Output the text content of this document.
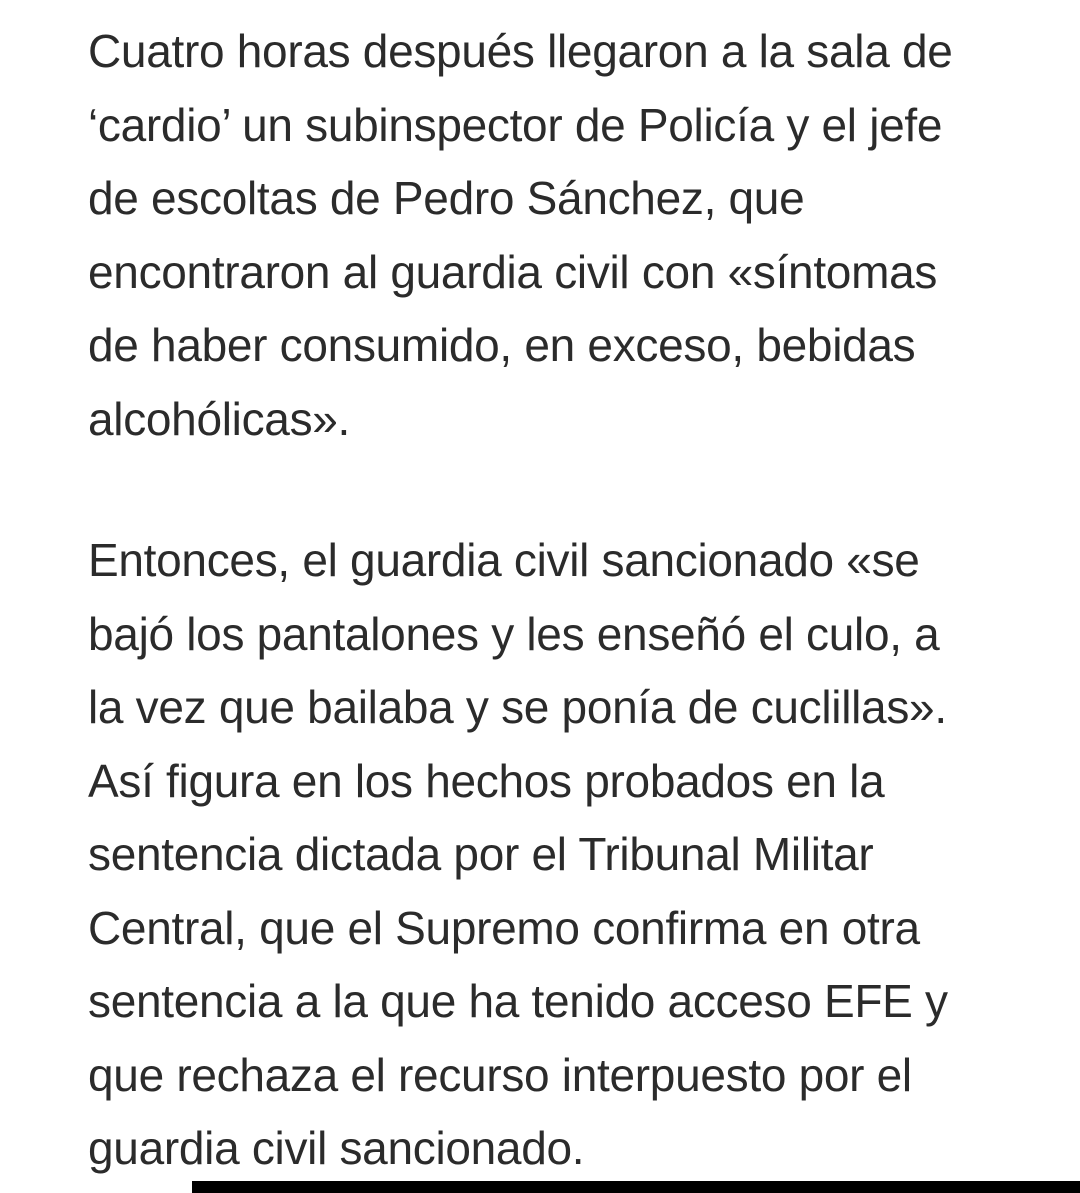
Cuatro horas después llegaron a la sala de
‘cardio’ un subinspector de Policía y el jefe
de escoltas de Pedro Sánchez, que
encontraron al guardia civil con «síntomas
de haber consumido, en exceso, bebidas
alcohólicas».

Entonces, el guardia civil sancionado «se
bajó los pantalones y les enseñó el culo, a
la vez que bailaba y se ponía de cuclillas».
Así figura en los hechos probados en la
sentencia dictada por el Tribunal Militar
Central, que el Supremo confirma en otra
sentencia a la que ha tenido acceso EFE y
que rechaza el recurso interpuesto por el
guardia civil sancionado.
